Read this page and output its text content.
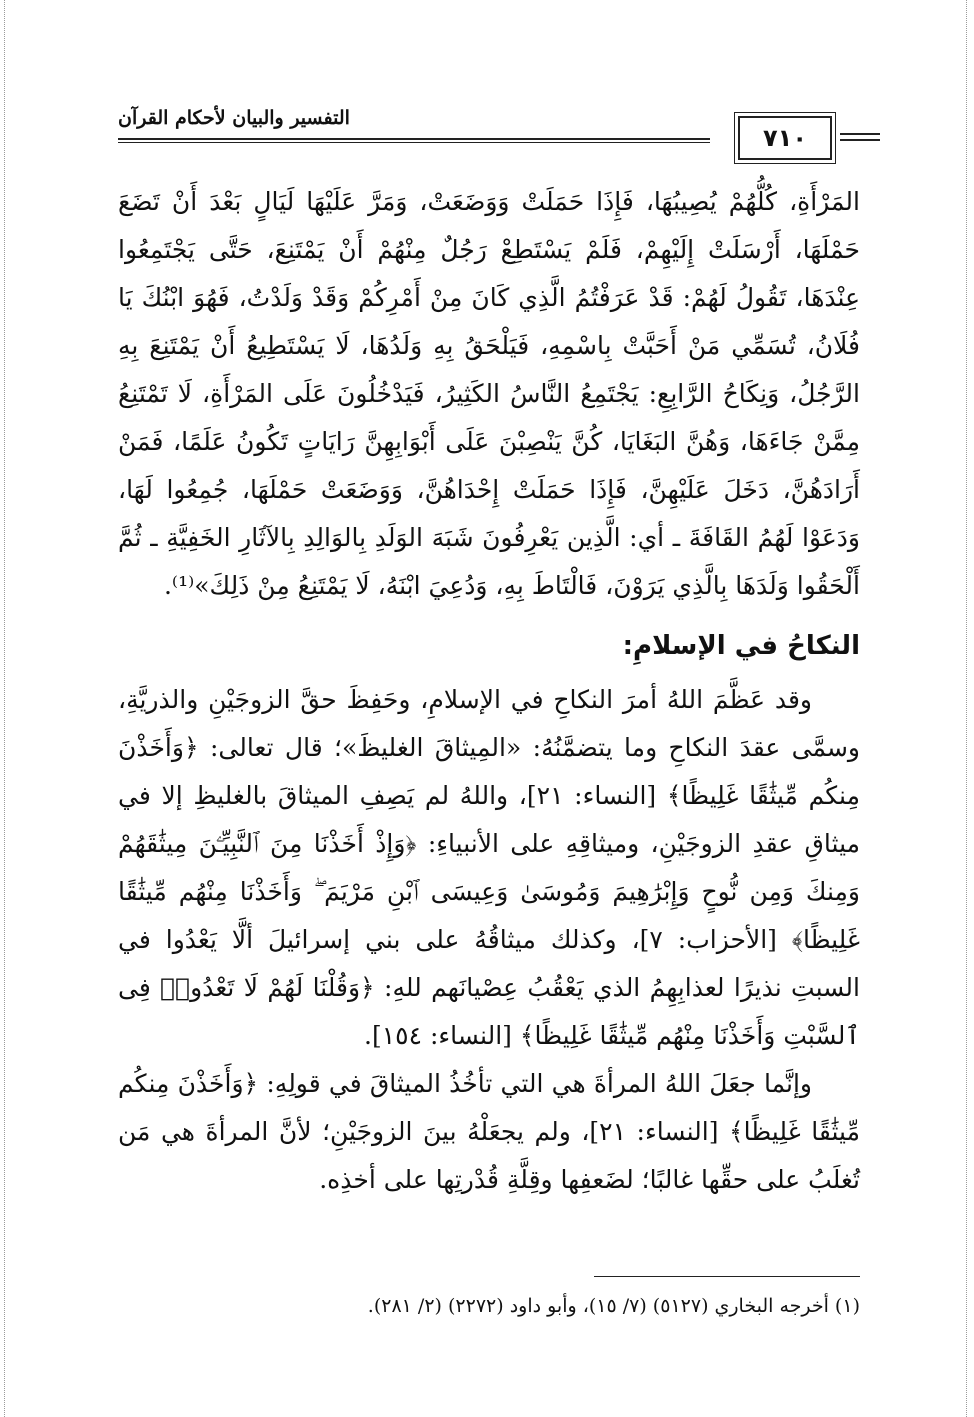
التفسير والبيان لأحكام القرآن
٧١٠

المَرْأَةِ، كُلُّهُمْ يُصِيبُهَا، فَإِذَا حَمَلَتْ وَوَضَعَتْ، وَمَرَّ عَلَيْهَا لَيَالٍ بَعْدَ أَنْ تَضَعَ حَمْلَهَا، أَرْسَلَتْ إِلَيْهِمْ، فَلَمْ يَسْتَطِعْ رَجُلٌ مِنْهُمْ أَنْ يَمْتَنِعَ، حَتَّى يَجْتَمِعُوا عِنْدَهَا، تَقُولُ لَهُمْ: قَدْ عَرَفْتُمُ الَّذِي كَانَ مِنْ أَمْرِكُمْ وَقَدْ وَلَدْتُ، فَهُوَ ابْنُكَ يَا فُلَانُ، تُسَمِّي مَنْ أَحَبَّتْ بِاسْمِهِ، فَيَلْحَقُ بِهِ وَلَدُهَا، لَا يَسْتَطِيعُ أَنْ يَمْتَنِعَ بِهِ الرَّجُلُ، وَنِكَاحُ الرَّابِعِ: يَجْتَمِعُ النَّاسُ الكَثِيرُ، فَيَدْخُلُونَ عَلَى المَرْأَةِ، لَا تَمْتَنِعُ مِمَّنْ جَاءَهَا، وَهُنَّ البَغَايَا، كُنَّ يَنْصِبْنَ عَلَى أَبْوَابِهِنَّ رَايَاتٍ تَكُونُ عَلَمًا، فَمَنْ أَرَادَهُنَّ، دَخَلَ عَلَيْهِنَّ، فَإِذَا حَمَلَتْ إِحْدَاهُنَّ، وَوَضَعَتْ حَمْلَهَا، جُمِعُوا لَهَا، وَدَعَوْا لَهُمُ القَافَةَ ـ أي: الَّذِين يَعْرِفُونَ شَبَهَ الوَلَدِ بِالوَالِدِ بِالآثَارِ الخَفِيَّةِ ـ ثُمَّ أَلْحَقُوا وَلَدَهَا بِالَّذِي يَرَوْنَ، فَالْتَاطَ بِهِ، وَدُعِيَ ابْنَهُ، لَا يَمْتَنِعُ مِنْ ذَلِكَ»⁽¹⁾.

النكاحُ في الإسلامِ:

وقد عَظَّمَ اللهُ أمرَ النكاحِ في الإسلامِ، وحَفِظَ حقَّ الزوجَيْنِ والذريَّةِ، وسمَّى عقدَ النكاحِ وما يتضمَّنُهُ: «المِيثاقَ الغليظَ»؛ قال تعالى: ﴿وَأَخَذْنَ مِنكُم مِّيثَٰقًا غَلِيظًا﴾ [النساء: ٢١]، واللهُ لم يَصِفِ الميثاقَ بالغليظِ إلا في ميثاقِ عقدِ الزوجَيْنِ، وميثاقِهِ على الأنبياءِ: ﴿وَإِذْ أَخَذْنَا مِنَ ٱلنَّبِيِّـۧنَ مِيثَٰقَهُمْ وَمِنكَ وَمِن نُّوحٍ وَإِبْرَٰهِيمَ وَمُوسَىٰ وَعِيسَى ٱبْنِ مَرْيَمَ ۖ وَأَخَذْنَا مِنْهُم مِّيثَٰقًا غَلِيظًا﴾ [الأحزاب: ٧]، وكذلك ميثاقُهُ على بني إسرائيلَ ألَّا يَعْدُوا في السبتِ نذيرًا لعذابِهِمُ الذي يَعْقُبُ عِصْيانَهم للهِ: ﴿وَقُلْنَا لَهُمْ لَا تَعْدُوا۟ فِى ٱلسَّبْتِ وَأَخَذْنَا مِنْهُم مِّيثَٰقًا غَلِيظًا﴾ [النساء: ١٥٤].

وإنَّما جعَلَ اللهُ المرأةَ هي التي تأخُذُ الميثاقَ في قولِهِ: ﴿وَأَخَذْنَ مِنكُم مِّيثَٰقًا غَلِيظًا﴾ [النساء: ٢١]، ولم يجعَلْهُ بينَ الزوجَيْنِ؛ لأنَّ المرأةَ هي مَن تُغلَبُ على حقِّها غالبًا؛ لضَعفِها وقِلَّةِ قُدْرتِها على أخذِه.

(١) أخرجه البخاري (٥١٢٧) (٧/ ١٥)، وأبو داود (٢٢٧٢) (٢/ ٢٨١).
